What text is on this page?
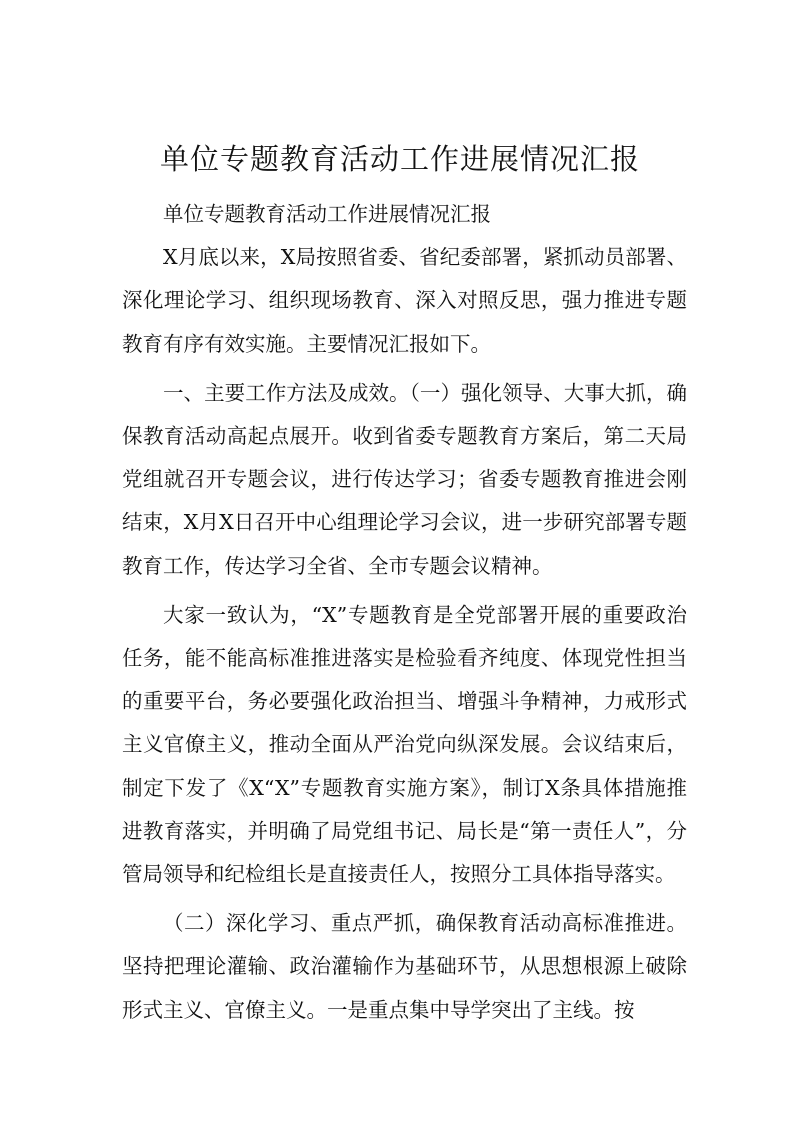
单位专题教育活动工作进展情况汇报

单位专题教育活动工作进展情况汇报

X月底以来，X局按照省委、省纪委部署，紧抓动员部署、深化理论学习、组织现场教育、深入对照反思，强力推进专题教育有序有效实施。主要情况汇报如下。

一、主要工作方法及成效。（一）强化领导、大事大抓，确保教育活动高起点展开。收到省委专题教育方案后，第二天局党组就召开专题会议，进行传达学习；省委专题教育推进会刚结束，X月X日召开中心组理论学习会议，进一步研究部署专题教育工作，传达学习全省、全市专题会议精神。

大家一致认为，“X”专题教育是全党部署开展的重要政治任务，能不能高标准推进落实是检验看齐纯度、体现党性担当的重要平台，务必要强化政治担当、增强斗争精神，力戒形式主义官僚主义，推动全面从严治党向纵深发展。会议结束后，制定下发了《X“X”专题教育实施方案》，制订X条具体措施推进教育落实，并明确了局党组书记、局长是“第一责任人”，分管局领导和纪检组长是直接责任人，按照分工具体指导落实。

（二）深化学习、重点严抓，确保教育活动高标准推进。坚持把理论灌输、政治灌输作为基础环节，从思想根源上破除形式主义、官僚主义。一是重点集中导学突出了主线。按
